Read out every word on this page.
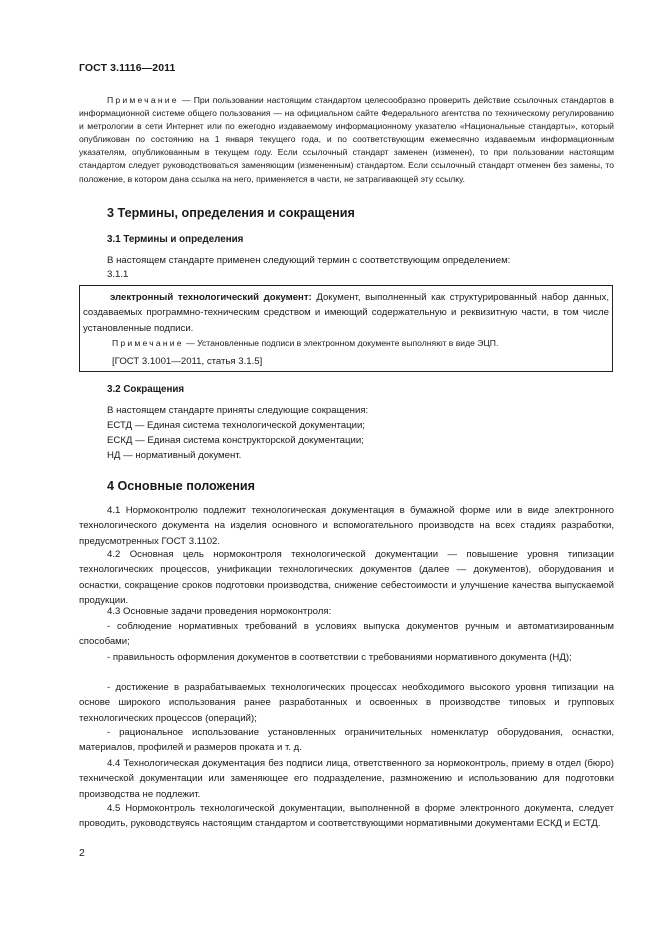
ГОСТ 3.1116—2011
Примечание — При пользовании настоящим стандартом целесообразно проверить действие ссылочных стандартов в информационной системе общего пользования — на официальном сайте Федерального агентства по техническому регулированию и метрологии в сети Интернет или по ежегодно издаваемому информационному указателю «Национальные стандарты», который опубликован по состоянию на 1 января текущего года, и по соответствующим ежемесячно издаваемым информационным указателям, опубликованным в текущем году. Если ссылочный стандарт заменен (изменен), то при пользовании настоящим стандартом следует руководствоваться заменяющим (измененным) стандартом. Если ссылочный стандарт отменен без замены, то положение, в котором дана ссылка на него, применяется в части, не затрагивающей эту ссылку.
3 Термины, определения и сокращения
3.1 Термины и определения
В настоящем стандарте применен следующий термин с соответствующим определением:
3.1.1
электронный технологический документ: Документ, выполненный как структурированный набор данных, создаваемых программно-техническим средством и имеющий содержательную и реквизитную части, в том числе установленные подписи.
Примечание — Установленные подписи в электронном документе выполняют в виде ЭЦП.
[ГОСТ 3.1001—2011, статья 3.1.5]
3.2 Сокращения
В настоящем стандарте приняты следующие сокращения:
ЕСТД — Единая система технологической документации;
ЕСКД — Единая система конструкторской документации;
НД — нормативный документ.
4 Основные положения
4.1 Нормоконтролю подлежит технологическая документация в бумажной форме или в виде электронного технологического документа на изделия основного и вспомогательного производств на всех стадиях разработки, предусмотренных ГОСТ 3.1102.
4.2 Основная цель нормоконтроля технологической документации — повышение уровня типизации технологических процессов, унификации технологических документов (далее — документов), оборудования и оснастки, сокращение сроков подготовки производства, снижение себестоимости и улучшение качества выпускаемой продукции.
4.3 Основные задачи проведения нормоконтроля:
- соблюдение нормативных требований в условиях выпуска документов ручным и автоматизированным способами;
- правильность оформления документов в соответствии с требованиями нормативного документа (НД);
- достижение в разрабатываемых технологических процессах необходимого высокого уровня типизации на основе широкого использования ранее разработанных и освоенных в производстве типовых и групповых технологических процессов (операций);
- рациональное использование установленных ограничительных номенклатур оборудования, оснастки, материалов, профилей и размеров проката и т. д.
4.4 Технологическая документация без подписи лица, ответственного за нормоконтроль, приему в отдел (бюро) технической документации или заменяющее его подразделение, размножению и использованию для подготовки производства не подлежит.
4.5 Нормоконтроль технологической документации, выполненной в форме электронного документа, следует проводить, руководствуясь настоящим стандартом и соответствующими нормативными документами ЕСКД и ЕСТД.
2
